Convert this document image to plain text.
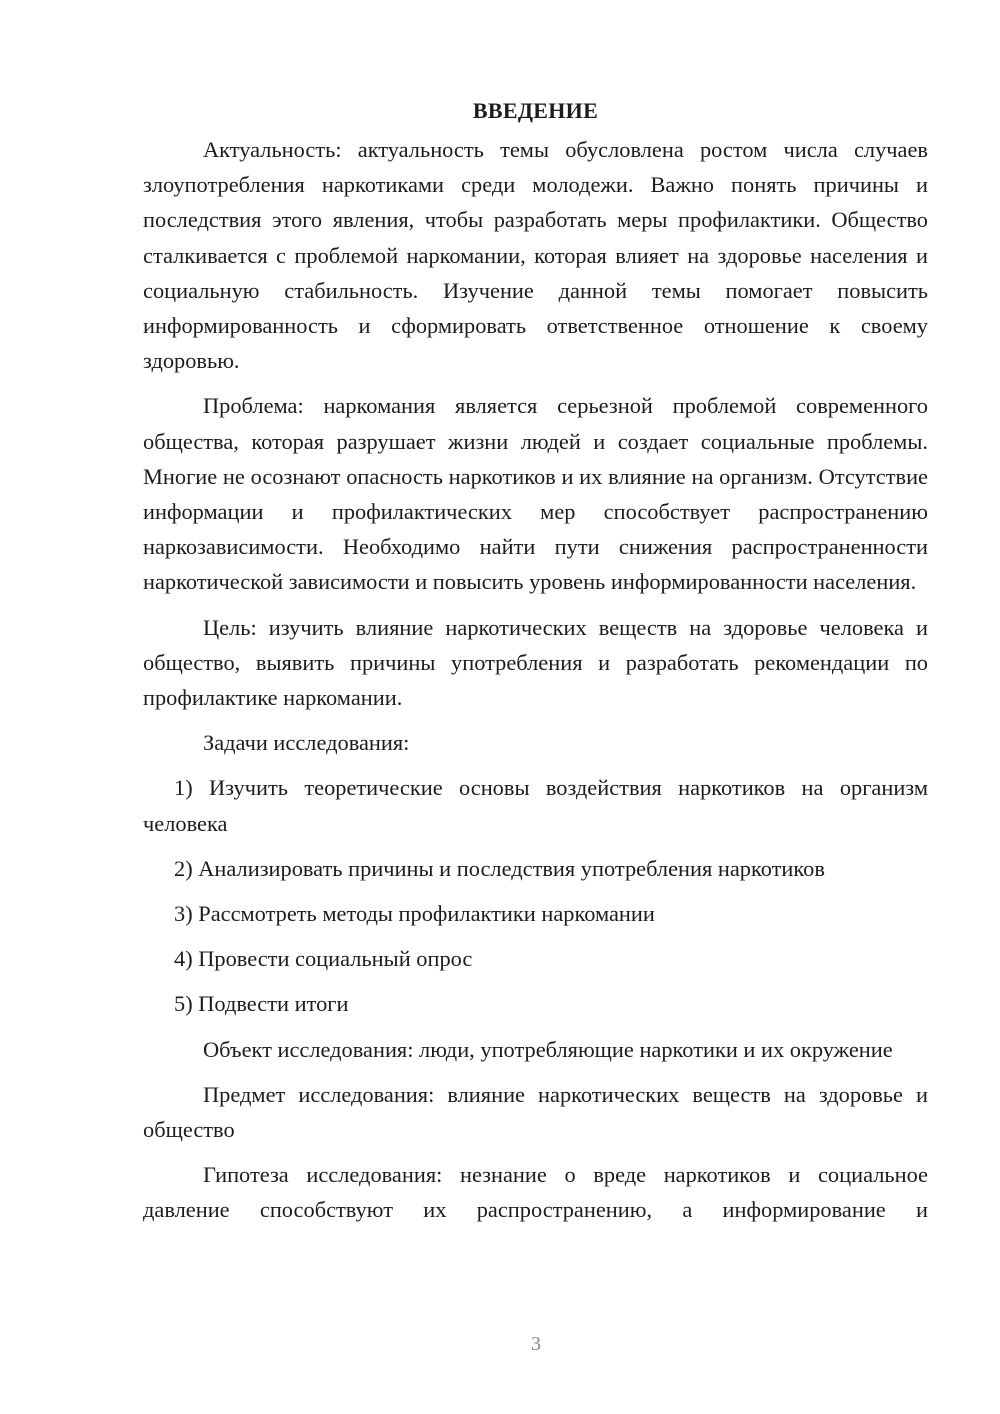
ВВЕДЕНИЕ

Актуальность: актуальность темы обусловлена ростом числа случаев злоупотребления наркотиками среди молодежи. Важно понять причины и последствия этого явления, чтобы разработать меры профилактики. Общество сталкивается с проблемой наркомании, которая влияет на здоровье населения и социальную стабильность. Изучение данной темы помогает повысить информированность и сформировать ответственное отношение к своему здоровью.

Проблема: наркомания является серьезной проблемой современного общества, которая разрушает жизни людей и создает социальные проблемы. Многие не осознают опасность наркотиков и их влияние на организм. Отсутствие информации и профилактических мер способствует распространению наркозависимости. Необходимо найти пути снижения распространенности наркотической зависимости и повысить уровень информированности населения.

Цель: изучить влияние наркотических веществ на здоровье человека и общество, выявить причины употребления и разработать рекомендации по профилактике наркомании.

Задачи исследования:

1) Изучить теоретические основы воздействия наркотиков на организм человека

2) Анализировать причины и последствия употребления наркотиков

3) Рассмотреть методы профилактики наркомании

4) Провести социальный опрос

5) Подвести итоги

Объект исследования: люди, употребляющие наркотики и их окружение

Предмет исследования: влияние наркотических веществ на здоровье и общество

Гипотеза исследования: незнание о вреде наркотиков и социальное давление способствуют их распространению, а информирование и

3
